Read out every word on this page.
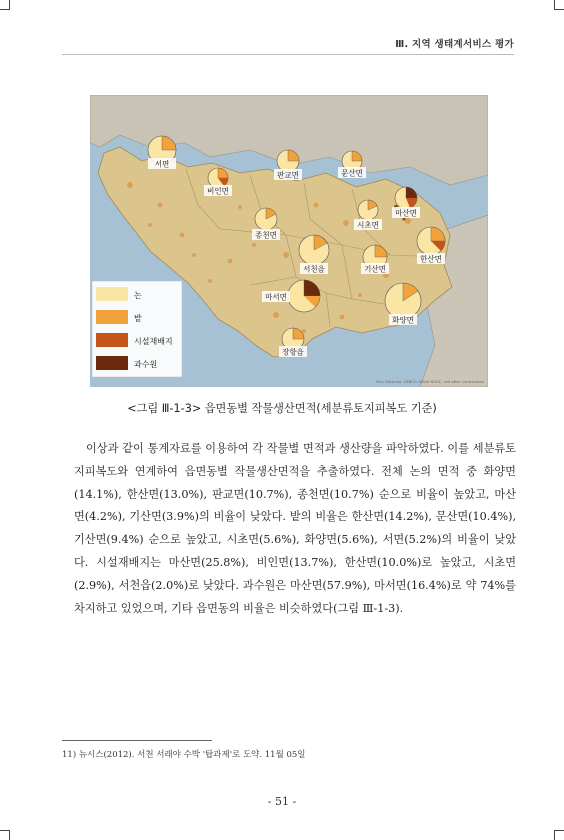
Ⅲ. 지역 생태계서비스 평가
서면
비인면
판교면	문산면
마산면
시초면
종천면
한산면
서천읍	기산면
마서면
화양면
장항읍
논
밭
시설재배지
과수원
Esri, DeLorme, GEBCO, NOAA NGDC, and other contributors
<그림 Ⅲ-1-3> 읍면동별 작물생산면적(세분류토지피복도 기준)

이상과 같이 통계자료를 이용하여 각 작물별 면적과 생산량을 파악하였다. 이를 세분류토지피복도와 연계하여 읍면동별 작물생산면적을 추출하였다. 전체 논의 면적 중 화양면(14.1%), 한산면(13.0%), 판교면(10.7%), 종천면(10.7%) 순으로 비율이 높았고, 마산면(4.2%), 기산면(3.9%)의 비율이 낮았다. 밭의 비율은 한산면(14.2%), 문산면(10.4%), 기산면(9.4%) 순으로 높았고, 시초면(5.6%), 화양면(5.6%), 서면(5.2%)의 비율이 낮았다. 시설재배지는 마산면(25.8%), 비인면(13.7%), 한산면(10.0%)로 높았고, 시초면(2.9%), 서천읍(2.0%)로 낮았다. 과수원은 마산면(57.9%), 마서면(16.4%)로 약 74%를 차지하고 있었으며, 기타 읍면동의 비율은 비슷하였다(그림 Ⅲ-1-3).

11) 뉴시스(2012). 서천 서래야 수박 '탑과제'로 도약. 11월 05일
- 51 -
